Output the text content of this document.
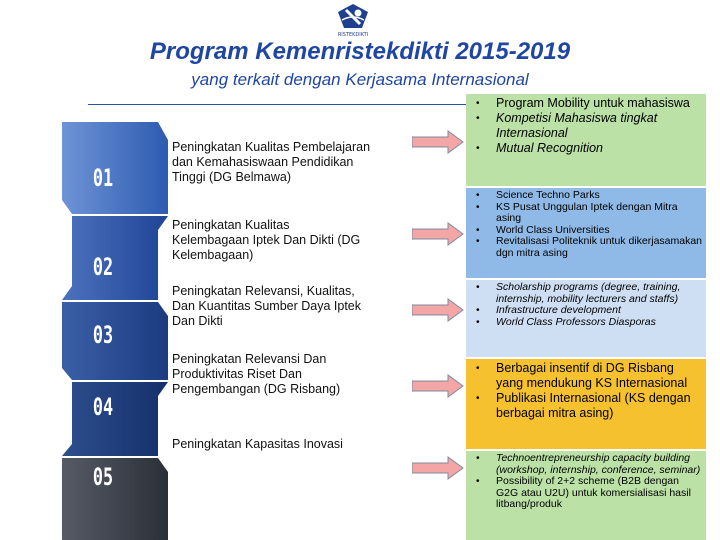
RISTEKDIKTI
Program Kemenristekdikti 2015-2019
yang terkait dengan Kerjasama Internasional
01
02
03
04
05
Peningkatan Kualitas Pembelajaran dan Kemahasiswaan Pendidikan Tinggi (DG Belmawa)
Peningkatan Kualitas Kelembagaan Iptek Dan Dikti (DG Kelembagaan)
Peningkatan Relevansi, Kualitas, Dan Kuantitas Sumber Daya Iptek Dan Dikti
Peningkatan Relevansi Dan Produktivitas Riset Dan Pengembangan (DG Risbang)
Peningkatan Kapasitas Inovasi
• Program Mobility untuk mahasiswa
• Kompetisi Mahasiswa tingkat Internasional
• Mutual Recognition
• Science Techno Parks
• KS Pusat Unggulan Iptek dengan Mitra asing
• World Class Universities
• Revitalisasi Politeknik untuk dikerjasamakan dgn mitra asing
• Scholarship programs (degree, training, internship, mobility lecturers and staffs)
• Infrastructure development
• World Class Professors Diasporas
• Berbagai insentif di DG Risbang yang mendukung KS Internasional
• Publikasi Internasional (KS dengan berbagai mitra asing)
• Technoentrepreneurship capacity building (workshop, internship, conference, seminar)
• Possibility of 2+2 scheme (B2B dengan G2G atau U2U) untuk komersialisasi hasil litbang/produk
